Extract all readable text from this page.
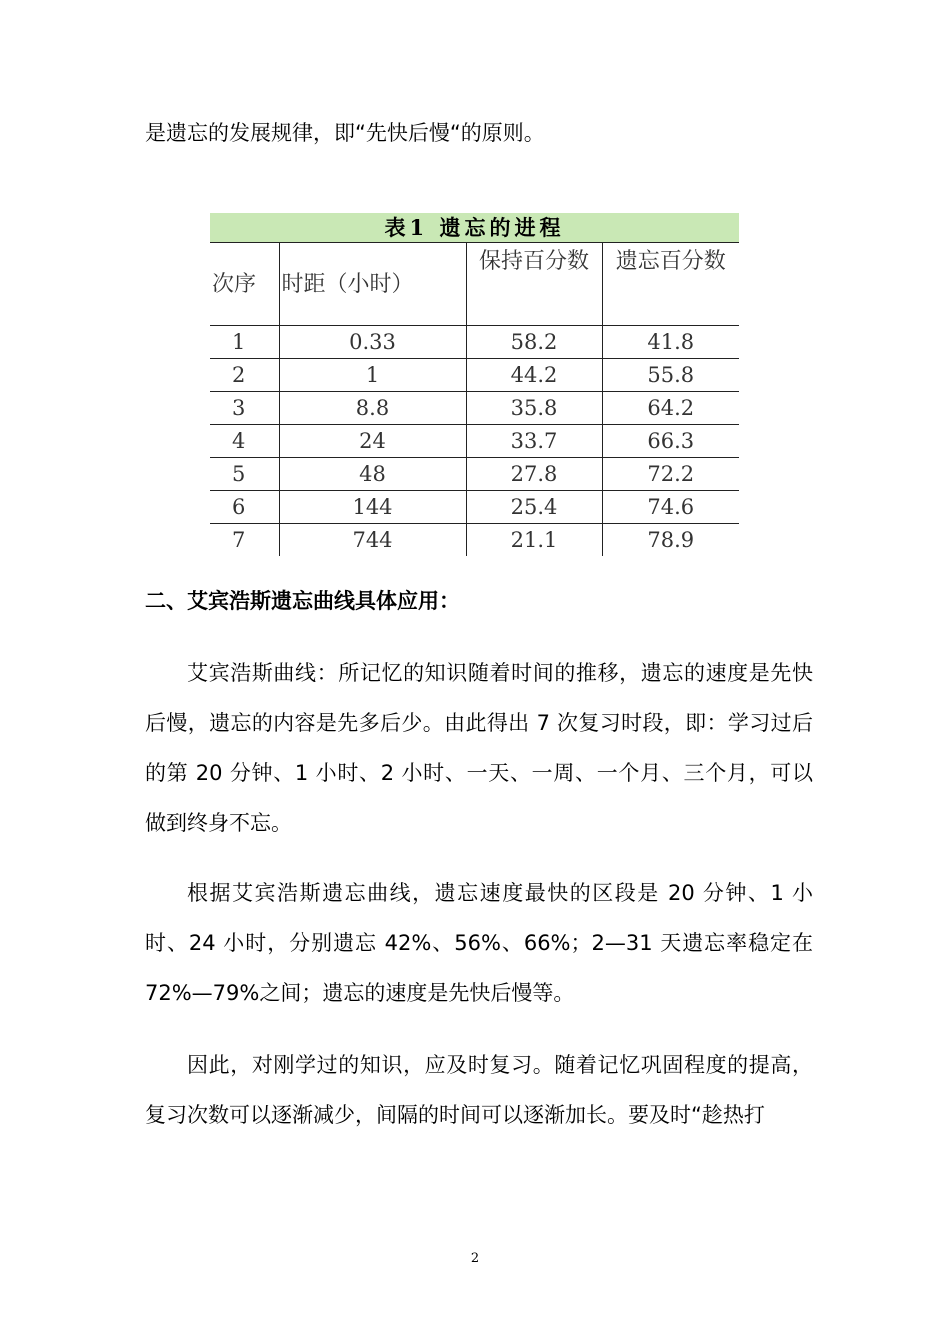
是遗忘的发展规律，即“先快后慢“的原则。

表1 遗忘的进程
次序	时距（小时）	保持百分数	遗忘百分数
1	0.33	58.2	41.8
2	1	44.2	55.8
3	8.8	35.8	64.2
4	24	33.7	66.3
5	48	27.8	72.2
6	144	25.4	74.6
7	744	21.1	78.9

二、艾宾浩斯遗忘曲线具体应用：

艾宾浩斯曲线：所记忆的知识随着时间的推移，遗忘的速度是先快后慢，遗忘的内容是先多后少。由此得出 7 次复习时段，即：学习过后的第 20 分钟、1 小时、2 小时、一天、一周、一个月、三个月，可以做到终身不忘。

根据艾宾浩斯遗忘曲线，遗忘速度最快的区段是 20 分钟、1 小时、24 小时，分别遗忘 42%、56%、66%；2—31 天遗忘率稳定在 72%—79%之间；遗忘的速度是先快后慢等。

因此，对刚学过的知识，应及时复习。随着记忆巩固程度的提高，复习次数可以逐渐减少，间隔的时间可以逐渐加长。要及时“趁热打

2
